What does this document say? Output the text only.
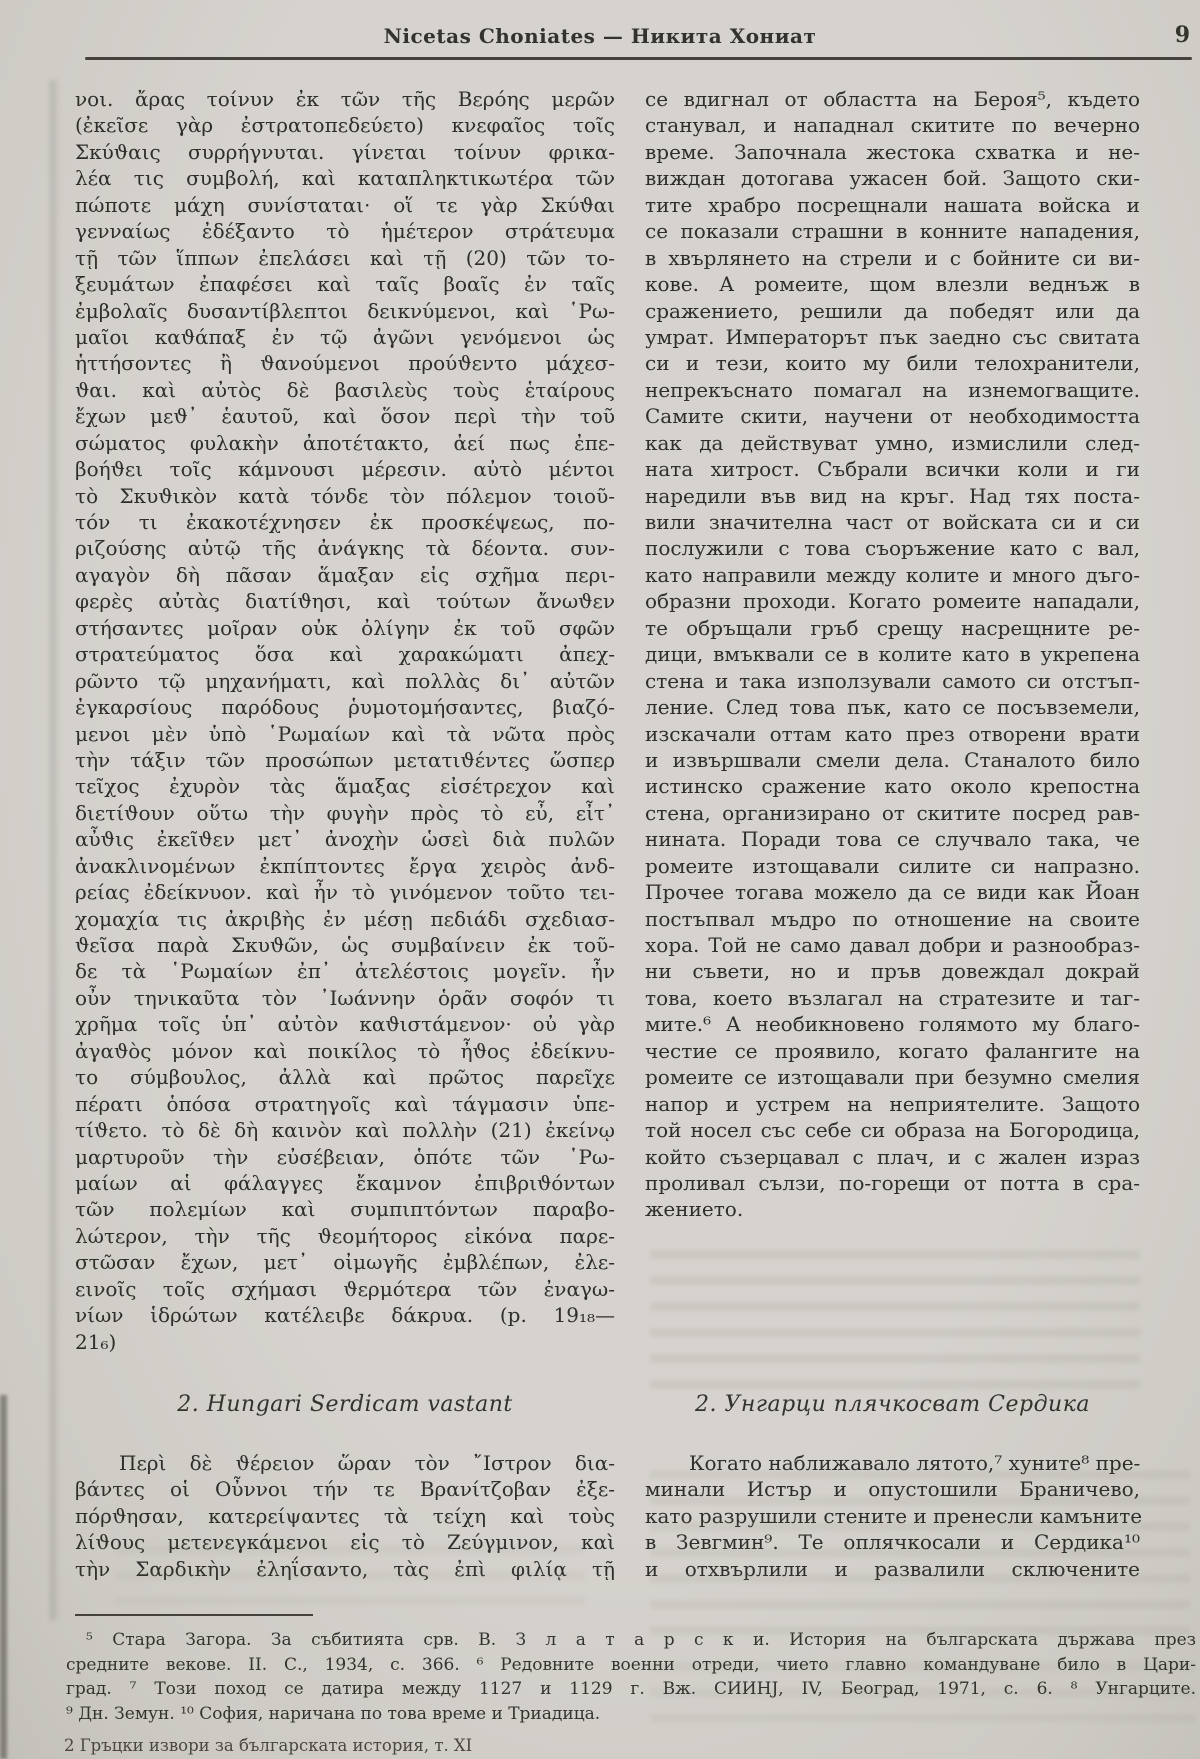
Nicetas Choniates — Никита Хониат	9
νοι. ἄρας τοίνυν ἐκ τῶν τῆς Βερόης μερῶν
(ἐκεῖσε γὰρ ἐστρατοπεδεύετο) κνεφαῖος τοῖς
Σκύϑαις συρρήγνυται. γίνεται τοίνυν φρικα-
λέα τις συμβολή, καὶ καταπληκτικωτέρα τῶν
πώποτε μάχη συνίσταται· οἵ τε γὰρ Σκύϑαι
γενναίως ἐδέξαντο τὸ ἡμέτερον στράτευμα
τῇ τῶν ἵππων ἐπελάσει καὶ τῇ (20) τῶν το-
ξευμάτων ἐπαφέσει καὶ ταῖς βοαῖς ἐν ταῖς
ἐμβολαῖς δυσαντίβλεπτοι δεικνύμενοι, καὶ ῾Ρω-
μαῖοι καϑάπαξ ἐν τῷ ἀγῶνι γενόμενοι ὡς
ἡττήσοντες ἢ ϑανούμενοι προύϑεντο μάχεσ-
ϑαι. καὶ αὐτὸς δὲ βασιλεὺς τοὺς ἑταίρους
ἔχων μεϑ᾽ ἑαυτοῦ, καὶ ὅσον περὶ τὴν τοῦ
σώματος φυλακὴν ἀποτέτακτο, ἀεί πως ἐπε-
βοήϑει τοῖς κάμνουσι μέρεσιν. αὐτὸ μέντοι
τὸ Σκυϑικὸν κατὰ τόνδε τὸν πόλεμον τοιοῦ-
τόν τι ἐκακοτέχνησεν ἐκ προσκέψεως, πο-
ριζούσης αὐτῷ τῆς ἀνάγκης τὰ δέοντα. συν-
αγαγὸν δὴ πᾶσαν ἅμαξαν εἰς σχῆμα περι-
φερὲς αὐτὰς διατίϑησι, καὶ τούτων ἄνωϑεν
στήσαντες μοῖραν οὐκ ὀλίγην ἐκ τοῦ σφῶν
στρατεύματος ὅσα καὶ χαρακώματι ἀπεχ-
ρῶντο τῷ μηχανήματι, καὶ πολλὰς δι᾽ αὐτῶν
ἐγκαρσίους παρόδους ῥυμοτομήσαντες, βιαζό-
μενοι μὲν ὑπὸ ῾Ρωμαίων καὶ τὰ νῶτα πρὸς
τὴν τάξιν τῶν προσώπων μετατιϑέντες ὥσπερ
τεῖχος ἐχυρὸν τὰς ἅμαξας εἰσέτρεχον καὶ
διετίϑουν οὕτω τὴν φυγὴν πρὸς τὸ εὖ, εἶτ᾽
αὖϑις ἐκεῖϑεν μετ᾽ ἀνοχὴν ὡσεὶ διὰ πυλῶν
ἀνακλινομένων ἐκπίπτοντες ἔργα χειρὸς ἀνδ-
ρείας ἐδείκνυον. καὶ ἦν τὸ γινόμενον τοῦτο τει-
χομαχία τις ἀκριβὴς ἐν μέσῃ πεδιάδι σχεδιασ-
ϑεῖσα παρὰ Σκυϑῶν, ὡς συμβαίνειν ἐκ τοῦ-
δε τὰ ῾Ρωμαίων ἐπ᾽ ἀτελέστοις μογεῖν. ἦν
οὖν τηνικαῦτα τὸν ᾽Ιωάννην ὁρᾶν σοφόν τι
χρῆμα τοῖς ὑπ᾽ αὐτὸν καϑιστάμενον· οὐ γὰρ
ἀγαϑὸς μόνον καὶ ποικίλος τὸ ἦϑος ἐδείκνυ-
το σύμβουλος, ἀλλὰ καὶ πρῶτος παρεῖχε
πέρατι ὁπόσα στρατηγοῖς καὶ τάγμασιν ὑπε-
τίϑετο. τὸ δὲ δὴ καινὸν καὶ πολλὴν (21) ἐκείνῳ
μαρτυροῦν τὴν εὐσέβειαν, ὁπότε τῶν ῾Ρω-
μαίων αἱ φάλαγγες ἔκαμνον ἐπιβριϑόντων
τῶν πολεμίων καὶ συμπιπτόντων παραβο-
λώτερον, τὴν τῆς ϑεομήτορος εἰκόνα παρε-
στῶσαν ἔχων, μετ᾽ οἰμωγῆς ἐμβλέπων, ἐλε-
εινοῖς τοῖς σχήμασι ϑερμότερα τῶν ἐναγω-
νίων ἱδρώτων κατέλειβε δάκρυα. (p. 19₁₈—
21₆)
се вдигнал от областта на Бероя⁵, където
станувал, и нападнал скитите по вечерно
време. Започнала жестока схватка и не-
виждан дотогава ужасен бой. Защото ски-
тите храбро посрещнали нашата войска и
се показали страшни в конните нападения,
в хвърлянето на стрели и с бойните си ви-
кове. А ромеите, щом влезли веднъж в
сражението, решили да победят или да
умрат. Императорът пък заедно със свитата
си и тези, които му били телохранители,
непрекъснато помагал на изнемогващите.
Самите скити, научени от необходимостта
как да действуват умно, измислили след-
ната хитрост. Събрали всички коли и ги
наредили във вид на кръг. Над тях поста-
вили значителна част от войската си и си
послужили с това съоръжение като с вал,
като направили между колите и много дъго-
образни проходи. Когато ромеите нападали,
те обръщали гръб срещу насрещните ре-
дици, вмъквали се в колите като в укрепена
стена и така използували самото си отстъп-
ление. След това пък, като се посъвземели,
изскачали оттам като през отворени врати
и извършвали смели дела. Станалото било
истинско сражение като около крепостна
стена, организирано от скитите посред рав-
нината. Поради това се случвало така, че
ромеите изтощавали силите си напразно.
Прочее тогава можело да се види как Йоан
постъпвал мъдро по отношение на своите
хора. Той не само давал добри и разнообраз-
ни съвети, но и пръв довеждал докрай
това, което възлагал на стратезите и таг-
мите.⁶ А необикновено голямото му благо-
честие се проявило, когато фалангите на
ромеите се изтощавали при безумно смелия
напор и устрем на неприятелите. Защото
той носел със себе си образа на Богородица,
който съзерцавал с плач, и с жален израз
проливал сълзи, по-горещи от потта в сра-
жението.
2. Hungari Serdicam vastant	2. Унгарци плячкосват Сердика
Περὶ δὲ ϑέρειον ὥραν τὸν ῎Ιστρον δια-
βάντες οἱ Οὖννοι τήν τε Βρανίτζοβαν ἐξε-
πόρϑησαν, κατερείψαντες τὰ τείχη καὶ τοὺς
λίϑους μετενεγκάμενοι εἰς τὸ Ζεύγμινον, καὶ
τὴν Σαρδικὴν ἐληΐσαντο, τὰς ἐπὶ φιλίᾳ τῇ
Когато наближавало лятото,⁷ хуните⁸ пре-
минали Истър и опустошили Браничево,
като разрушили стените и пренесли камъните
в Зевгмин⁹. Те оплячкосали и Сердика¹⁰
и отхвърлили и развалили сключените
⁵ Стара Загора. За събитията срв. В. З л а т а р с к и. История на българската държава през
средните векове. II. С., 1934, с. 366. ⁶ Редовните военни отреди, чието главно командуване било в Цари-
град. ⁷ Този поход се датира между 1127 и 1129 г. Вж. СИИНЈ, IV, Београд, 1971, с. 6. ⁸ Унгарците.
⁹ Дн. Земун. ¹⁰ София, наричана по това време и Триадица.
2 Гръцки извори за българската история, т. XI
